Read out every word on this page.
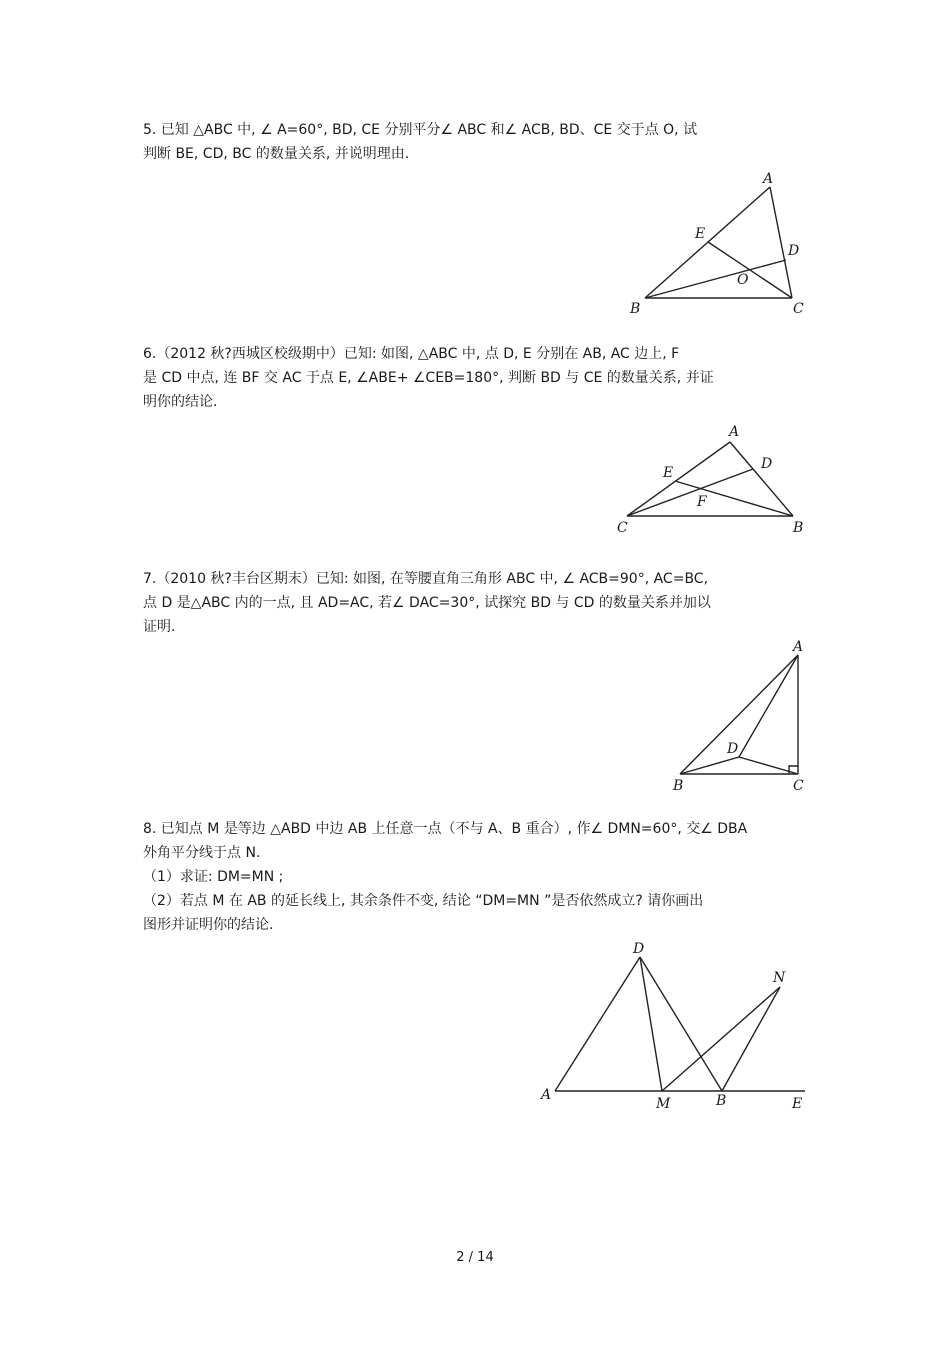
5. 已知 △ABC 中, ∠ A=60°, BD, CE 分别平分∠ ABC 和∠ ACB, BD、CE 交于点 O, 试
判断 BE, CD, BC 的数量关系, 并说明理由.
A
B	C
D
E
O
6.（2012 秋?西城区校级期中）已知: 如图, △ABC 中, 点 D, E 分别在 AB, AC 边上, F
是 CD 中点, 连 BF 交 AC 于点 E, ∠ABE+ ∠CEB=180°, 判断 BD 与 CE 的数量关系, 并证
明你的结论.
A
C	B
D
E
F
7.（2010 秋?丰台区期末）已知: 如图, 在等腰直角三角形 ABC 中, ∠ ACB=90°, AC=BC,
点 D 是△ABC 内的一点, 且 AD=AC, 若∠ DAC=30°, 试探究 BD 与 CD 的数量关系并加以
证明.
A
B	C
D
8. 已知点 M 是等边 △ABD 中边 AB 上任意一点（不与 A、B 重合）, 作∠ DMN=60°, 交∠ DBA
外角平分线于点 N.
（1）求证: DM=MN ;
（2）若点 M 在 AB 的延长线上, 其余条件不变, 结论 “DM=MN ”是否依然成立? 请你画出
图形并证明你的结论.
D
N
A
M	B	E
2 / 14
